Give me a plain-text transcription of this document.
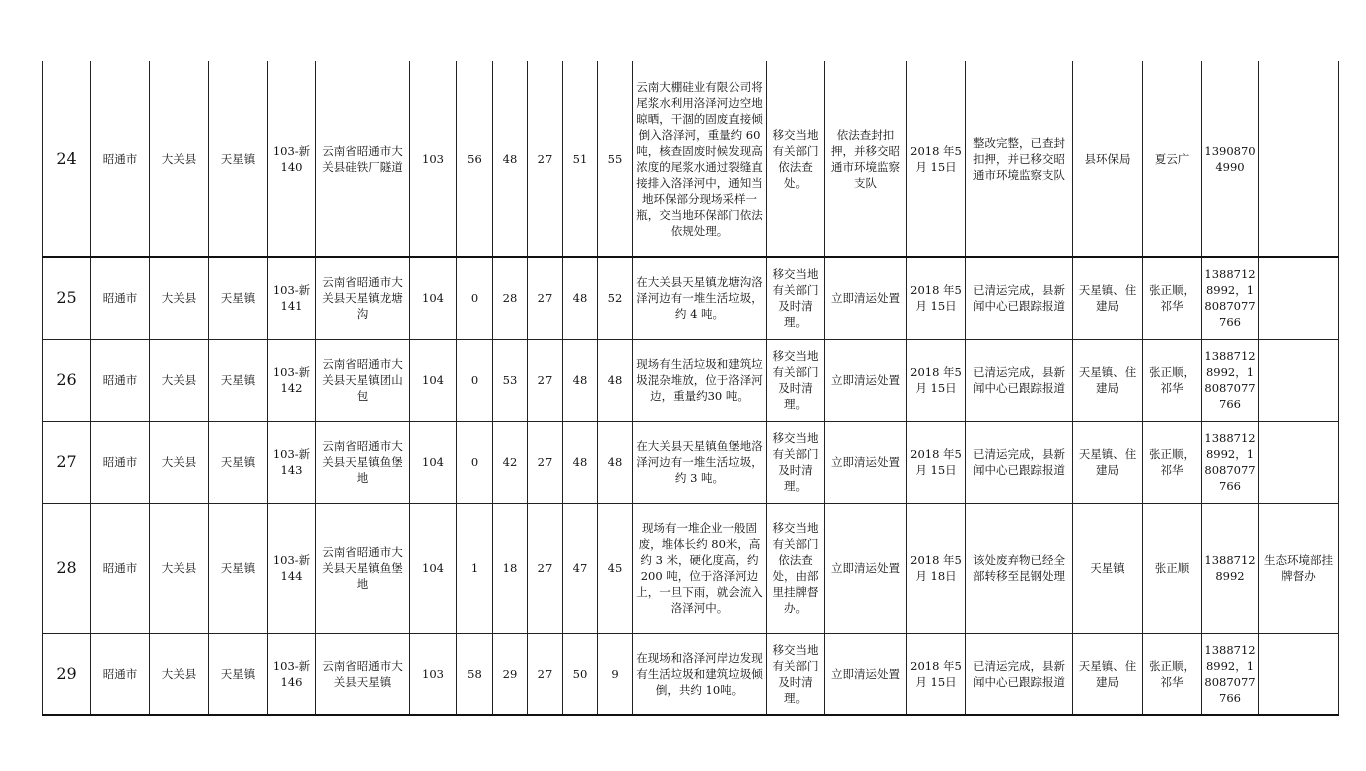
24	昭通市	大关县	天星镇	103-新140	云南省昭通市大关县硅铁厂隧道	103	56	48	27	51	55	云南大棚硅业有限公司将尾浆水利用洛泽河边空地晾晒，干涸的固废直接倾倒入洛泽河，重量约 60 吨，核查固废时候发现高浓度的尾浆水通过裂缝直接排入洛泽河中，通知当地环保部分现场采样一瓶，交当地环保部门依法依规处理。	移交当地有关部门依法查处。	依法查封扣押，并移交昭通市环境监察支队	2018 年5 月 15日	整改完整，已查封扣押，并已移交昭通市环境监察支队	县环保局	夏云广	13908704990	
25	昭通市	大关县	天星镇	103-新141	云南省昭通市大关县天星镇龙塘沟	104	0	28	27	48	52	在大关县天星镇龙塘沟洛泽河边有一堆生活垃圾，约 4 吨。	移交当地有关部门及时清理。	立即清运处置	2018 年5 月 15日	已清运完成，县新闻中心已跟踪报道	天星镇、住建局	张正顺，祁华	13887128992，18087077766	
26	昭通市	大关县	天星镇	103-新142	云南省昭通市大关县天星镇团山包	104	0	53	27	48	48	现场有生活垃圾和建筑垃圾混杂堆放，位于洛泽河边，重量约30 吨。	移交当地有关部门及时清理。	立即清运处置	2018 年5 月 15日	已清运完成，县新闻中心已跟踪报道	天星镇、住建局	张正顺，祁华	13887128992，18087077766	
27	昭通市	大关县	天星镇	103-新143	云南省昭通市大关县天星镇鱼堡地	104	0	42	27	48	48	在大关县天星镇鱼堡地洛泽河边有一堆生活垃圾，约 3 吨。	移交当地有关部门及时清理。	立即清运处置	2018 年5 月 15日	已清运完成，县新闻中心已跟踪报道	天星镇、住建局	张正顺，祁华	13887128992，18087077766	
28	昭通市	大关县	天星镇	103-新144	云南省昭通市大关县天星镇鱼堡地	104	1	18	27	47	45	现场有一堆企业一般固废，堆体长约 80米，高约 3 米，硬化度高，约 200 吨，位于洛泽河边上，一旦下雨，就会流入洛泽河中。	移交当地有关部门依法查处，由部里挂牌督办。	立即清运处置	2018 年5 月 18日	该处废弃物已经全部转移至昆钢处理	天星镇	张正顺	13887128992	生态环境部挂牌督办
29	昭通市	大关县	天星镇	103-新146	云南省昭通市大关县天星镇	103	58	29	27	50	9	在现场和洛泽河岸边发现有生活垃圾和建筑垃圾倾倒，共约 10吨。	移交当地有关部门及时清理。	立即清运处置	2018 年5 月 15日	已清运完成，县新闻中心已跟踪报道	天星镇、住建局	张正顺，祁华	13887128992，18087077766	
